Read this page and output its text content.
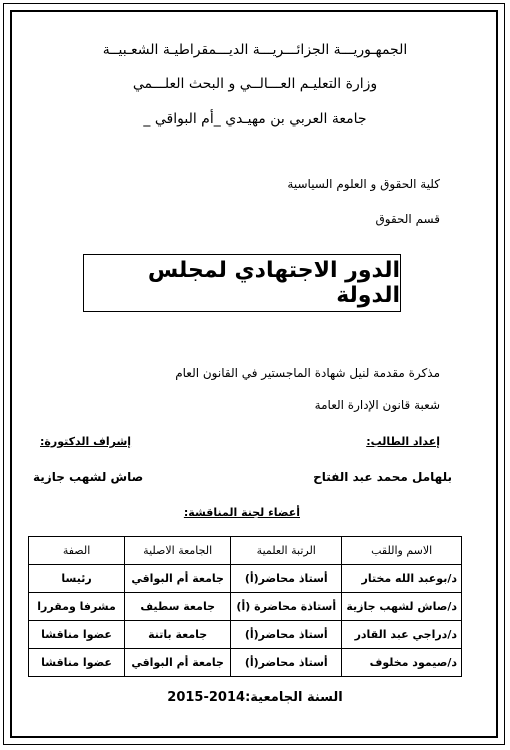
الجمهـوريـــة الجزائـــريـــة الديـــمقراطيـة الشعـبيــة
وزارة التعليـم العـــالــي و البحث العلـــمي
جامعة العربي بن مهيـدي _أم البواقي _
كلية الحقوق و العلوم السياسية
قسم الحقوق
الدور الاجتهادي لمجلس الدولة
مذكرة مقدمة لنيل شهادة الماجستير في القانون العام
شعبة قانون الإدارة العامة
إعداد الطالب:
إشراف الدكتورة:
بلهامل محمد عبد الفتاح
صاش لشهب جازية
أعضاء لجنة المناقشة:
الاسم واللقب	الرتبة العلمية	الجامعة الاصلية	الصفة
د/بوعبد الله مختار	أستاذ محاضر(أ)	جامعة أم البواقي	رئيسا
د/صاش لشهب جازية	أستاذة محاضرة (أ)	جامعة سطيف	مشرفا ومقررا
د/دراجي عبد القادر	أستاذ محاضر(أ)	جامعة باتنة	عضوا مناقشا
د/صيمود مخلوف	أستاذ محاضر(أ)	جامعة أم البواقي	عضوا مناقشا
السنة الجامعية:2014-2015
